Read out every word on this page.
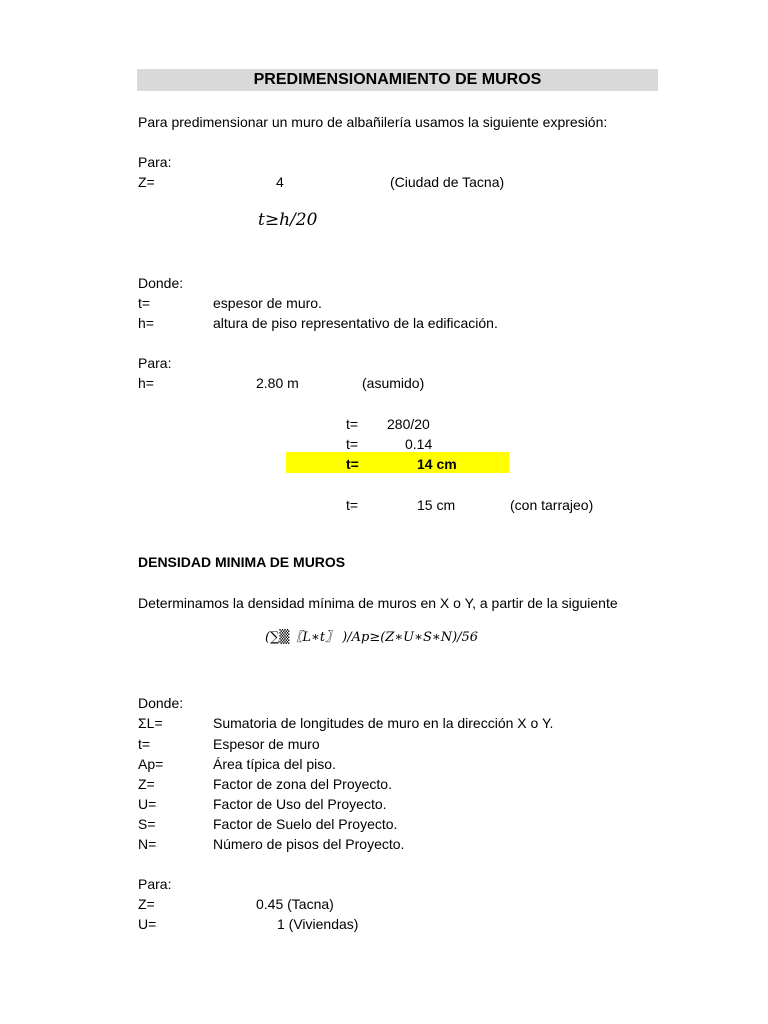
PREDIMENSIONAMIENTO DE MUROS
Para predimensionar un muro de albañilería usamos la siguiente expresión:
Para:
Z=	4	(Ciudad de Tacna)
t≥h/20
Donde:
t=	espesor de muro.
h=	altura de piso representativo de la edificación.
Para:
h=	2.80 m	(asumido)
t= 280/20
t=	0.14
t=	14 cm
t=	15 cm	(con tarrajeo)
DENSIDAD MINIMA DE MUROS
Determinamos la densidad mínima de muros en X o Y, a partir de la siguiente
(∑▒〖L∗t〗 )/Ap≥(Z∗U∗S∗N)/56
Donde:
ΣL=	Sumatoria de longitudes de muro en la dirección X o Y.
t=	Espesor de muro
Ap=	Área típica del piso.
Z=	Factor de zona del Proyecto.
U=	Factor de Uso del Proyecto.
S=	Factor de Suelo del Proyecto.
N=	Número de pisos del Proyecto.
Para:
Z=	0.45 (Tacna)
U=	1 (Viviendas)
